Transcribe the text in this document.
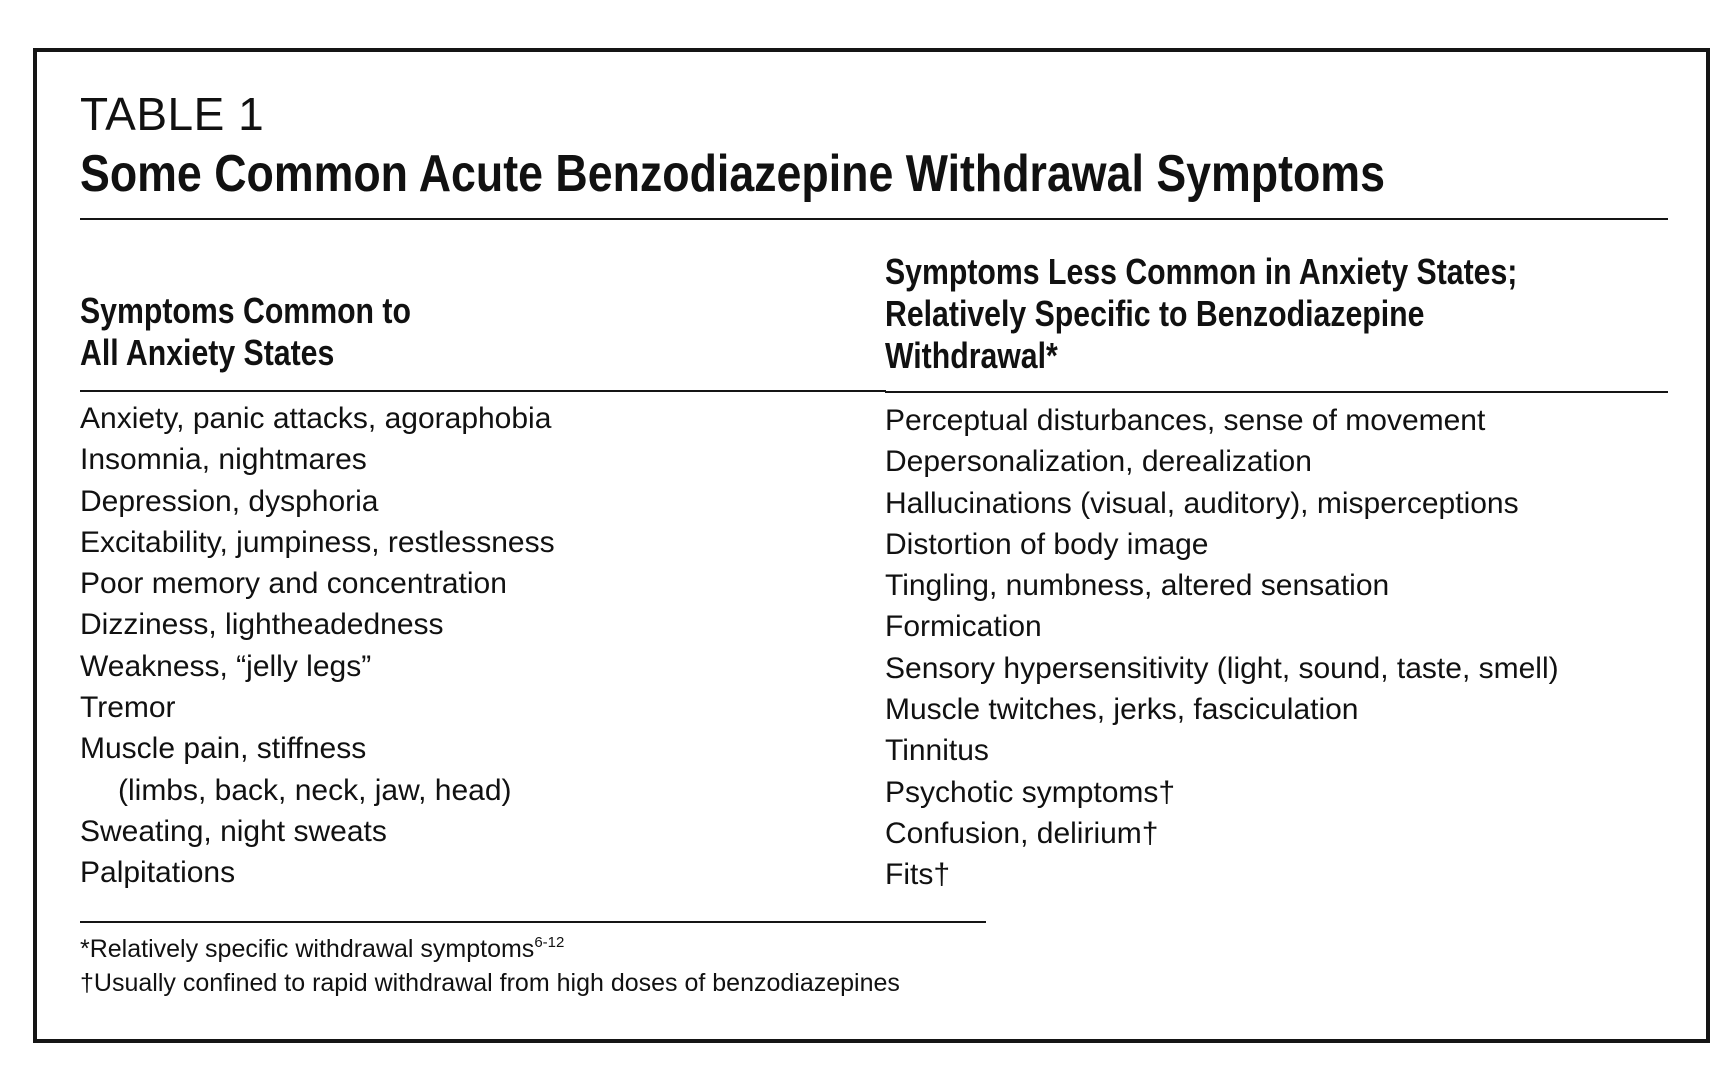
TABLE 1
Some Common Acute Benzodiazepine Withdrawal Symptoms
Symptoms Common to
All Anxiety States
Symptoms Less Common in Anxiety States;
Relatively Specific to Benzodiazepine
Withdrawal*
Anxiety, panic attacks, agoraphobia
Insomnia, nightmares
Depression, dysphoria
Excitability, jumpiness, restlessness
Poor memory and concentration
Dizziness, lightheadedness
Weakness, “jelly legs”
Tremor
Muscle pain, stiffness
(limbs, back, neck, jaw, head)
Sweating, night sweats
Palpitations
Perceptual disturbances, sense of movement
Depersonalization, derealization
Hallucinations (visual, auditory), misperceptions
Distortion of body image
Tingling, numbness, altered sensation
Formication
Sensory hypersensitivity (light, sound, taste, smell)
Muscle twitches, jerks, fasciculation
Tinnitus
Psychotic symptoms†
Confusion, delirium†
Fits†
*Relatively specific withdrawal symptoms$^{6-12}$
†Usually confined to rapid withdrawal from high doses of benzodiazepines
